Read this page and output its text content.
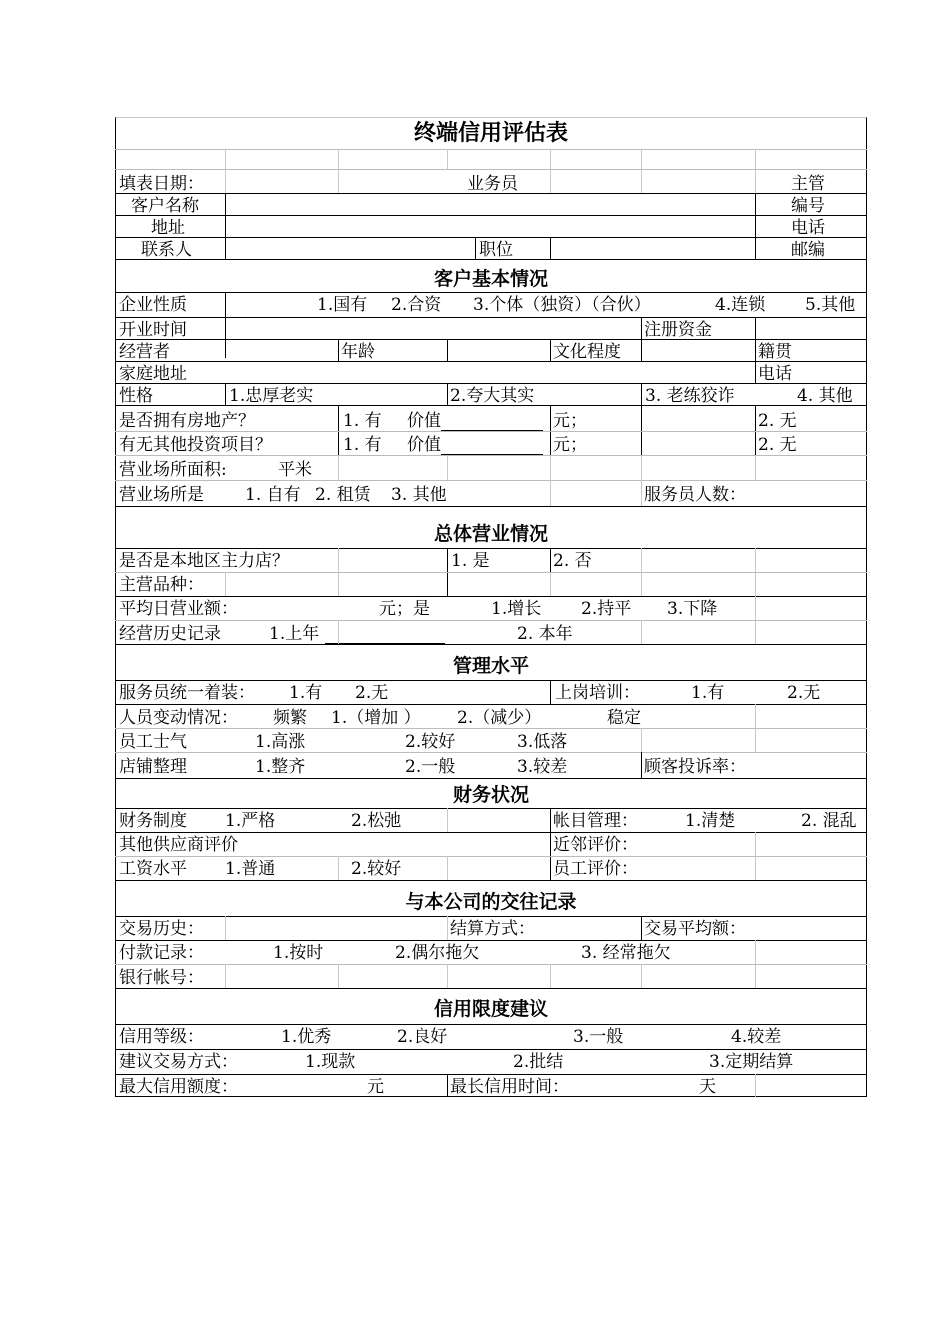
终端信用评估表
填表日期：	业务员	主管
客户名称	编号
地址	电话
联系人	职位	邮编
客户基本情况
企业性质	1.国有 2.合资 3.个体（独资）（合伙）	4.连锁 5.其他
开业时间	注册资金
经营者	年龄	文化程度	籍贯
家庭地址	电话
性格	1.忠厚老实	2.夸大其实	3. 老练狡诈	4. 其他
是否拥有房地产？	1. 有 价值	元；	2. 无
有无其他投资项目？	1. 有 价值	元；	2. 无
营业场所面积:	平米
营业场所是 1. 自有 2. 租赁 3. 其他	服务员人数：
总体营业情况
是否是本地区主力店？	1. 是	2. 否
主营品种：
平均日营业额：	元；是	1.增长 2.持平 3.下降
经营历史记录	1.上年	2. 本年
管理水平
服务员统一着装： 1.有 2.无	上岗培训：	1.有	2.无
人员变动情况： 频繁 1.（增加 ） 2.（减少）	稳定
员工士气	1.高涨	2.较好	3.低落
店铺整理	1.整齐	2.一般	3.较差	顾客投诉率：
财务状况
财务制度 1.严格	2.松弛	帐目管理：	1.清楚	2. 混乱
其他供应商评价	近邻评价：
工资水平 1.普通	2.较好	员工评价：
与本公司的交往记录
交易历史：	结算方式：	交易平均额：
付款记录：	1.按时	2.偶尔拖欠	3. 经常拖欠
银行帐号：
信用限度建议
信用等级：	1.优秀	2.良好	3.一般	4.较差
建议交易方式：	1.现款	2.批结	3.定期结算
最大信用额度：	元	最长信用时间：	天
